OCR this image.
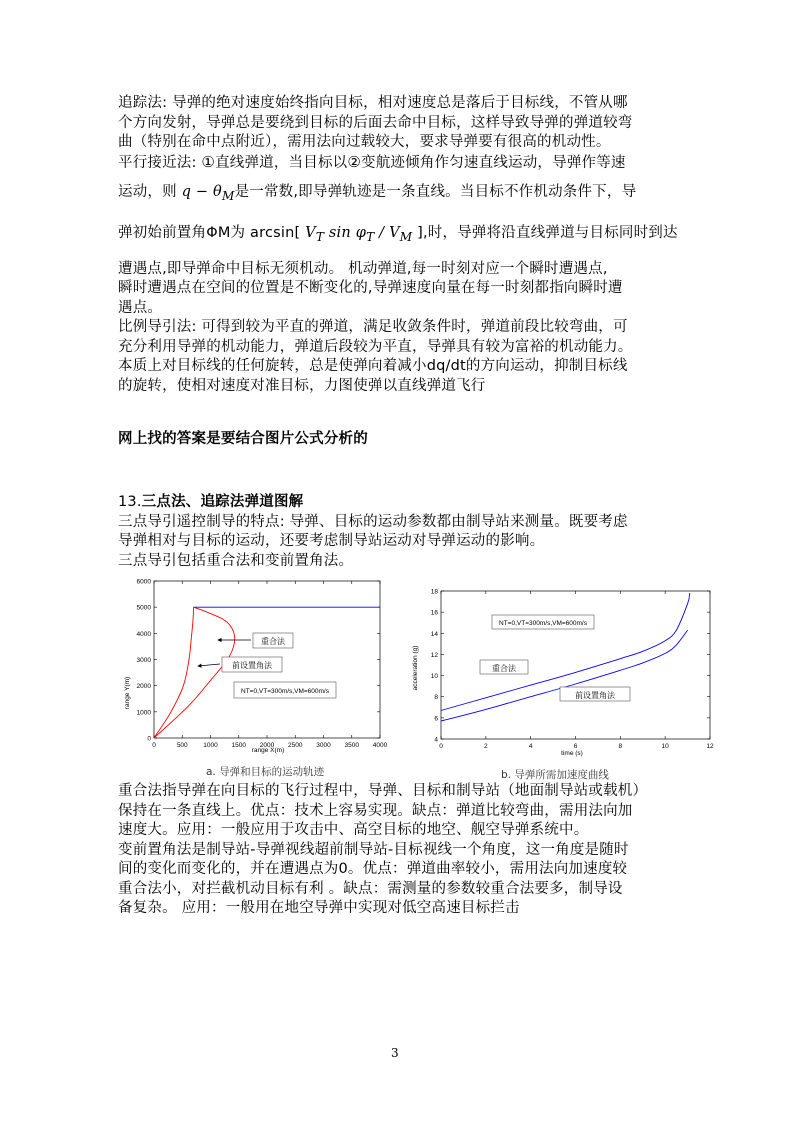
追踪法: 导弹的绝对速度始终指向目标，相对速度总是落后于目标线，不管从哪

个方向发射，导弹总是要绕到目标的后面去命中目标，这样导致导弹的弹道较弯

曲（特别在命中点附近），需用法向过载较大，要求导弹要有很高的机动性。

平行接近法: ①直线弹道，当目标以②变航迹倾角作匀速直线运动，导弹作等速

运动，则 $q - \theta_M$是一常数,即导弹轨迹是一条直线。当目标不作机动条件下，导

弹初始前置角ΦM为 arcsin[ $V_T$ $\sin \varphi_T / V_M$ ],时，导弹将沿直线弹道与目标同时到达

遭遇点,即导弹命中目标无须机动。 机动弹道,每一时刻对应一个瞬时遭遇点,

瞬时遭遇点在空间的位置是不断变化的,导弹速度向量在每一时刻都指向瞬时遭

遇点。

比例导引法: 可得到较为平直的弹道，满足收敛条件时，弹道前段比较弯曲，可

充分利用导弹的机动能力，弹道后段较为平直，导弹具有较为富裕的机动能力。

本质上对目标线的任何旋转，总是使弹向着减小dq/dt的方向运动，抑制目标线

的旋转，使相对速度对准目标，力图使弹以直线弹道飞行

网上找的答案是要结合图片公式分析的

13.三点法、追踪法弹道图解

三点导引遥控制导的特点: 导弹、目标的运动参数都由制导站来测量。既要考虑

导弹相对与目标的运动，还要考虑制导站运动对导弹运动的影响。

三点导引包括重合法和变前置角法。

0
1000
2000
3000
4000
5000
6000
0	500 1000 1500 2000 2500 3000 3500 4000
range Y(m)
range X(m)
重合法
前设置角法
NT=0,VT=300m/s,VM=600m/s
a. 导弹和目标的运动轨迹
4
6
8
10
12
14
16
18
0	2	4	6	8	10	12
acceleration (g)
time (s)
NT=0,VT=300m/s,VM=600m/s
重合法
前设置角法
b. 导弹所需加速度曲线

重合法指导弹在向目标的飞行过程中，导弹、目标和制导站（地面制导站或载机）

保持在一条直线上。优点：技术上容易实现。缺点：弹道比较弯曲，需用法向加

速度大。应用：一般应用于攻击中、高空目标的地空、舰空导弹系统中。

变前置角法是制导站-导弹视线超前制导站-目标视线一个角度，这一角度是随时

间的变化而变化的，并在遭遇点为0。优点：弹道曲率较小，需用法向加速度较

重合法小，对拦截机动目标有利 。缺点：需测量的参数较重合法要多，制导设

备复杂。 应用：一般用在地空导弹中实现对低空高速目标拦击

3
